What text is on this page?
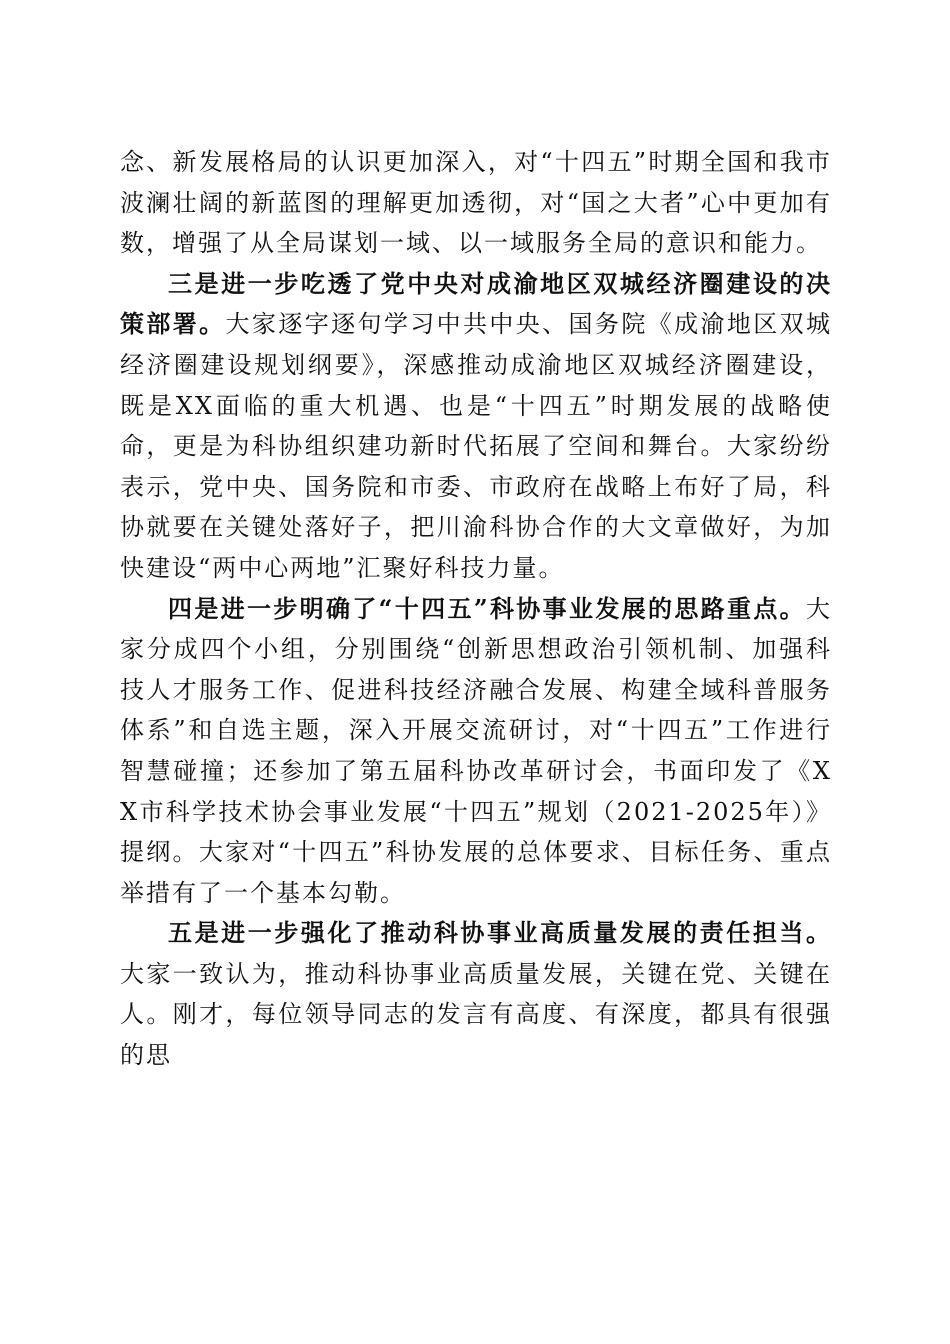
念、新发展格局的认识更加深入，对“十四五”时期全国和我市波澜壮阔的新蓝图的理解更加透彻，对“国之大者”心中更加有数，增强了从全局谋划一域、以一域服务全局的意识和能力。

三是进一步吃透了党中央对成渝地区双城经济圈建设的决策部署。大家逐字逐句学习中共中央、国务院《成渝地区双城经济圈建设规划纲要》，深感推动成渝地区双城经济圈建设，既是XX面临的重大机遇、也是“十四五”时期发展的战略使命，更是为科协组织建功新时代拓展了空间和舞台。大家纷纷表示，党中央、国务院和市委、市政府在战略上布好了局，科协就要在关键处落好子，把川渝科协合作的大文章做好，为加快建设“两中心两地”汇聚好科技力量。

四是进一步明确了“十四五”科协事业发展的思路重点。大家分成四个小组，分别围绕“创新思想政治引领机制、加强科技人才服务工作、促进科技经济融合发展、构建全域科普服务体系”和自选主题，深入开展交流研讨，对“十四五”工作进行智慧碰撞；还参加了第五届科协改革研讨会，书面印发了《XX市科学技术协会事业发展“十四五”规划（2021-2025年）》提纲。大家对“十四五”科协发展的总体要求、目标任务、重点举措有了一个基本勾勒。

五是进一步强化了推动科协事业高质量发展的责任担当。大家一致认为，推动科协事业高质量发展，关键在党、关键在人。刚才，每位领导同志的发言有高度、有深度，都具有很强的思
